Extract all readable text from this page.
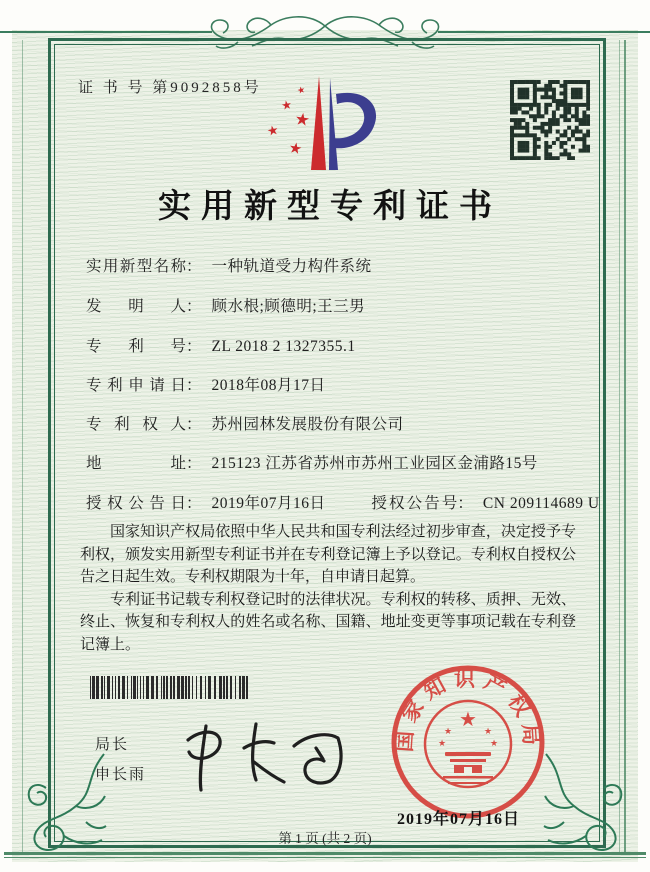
证 书 号 第9092858号	★
★
★
★
★
实用新型专利证书
实用新型名称： 一种轨道受力构件系统
发明人： 顾水根;顾德明;王三男
专利号： ZL 2018 2 1327355.1
专利申请日： 2018年08月17日
专利权人： 苏州园林发展股份有限公司
地址： 215123 江苏省苏州市苏州工业园区金浦路15号
授权公告日： 2019年07月16日	授权公告号： CN 209114689 U

国家知识产权局依照中华人民共和国专利法经过初步审查，决定授予专利权，颁发实用新型专利证书并在专利登记簿上予以登记。专利权自授权公告之日起生效。专利权期限为十年，自申请日起算。

专利证书记载专利权登记时的法律状况。专利权的转移、质押、无效、终止、恢复和专利权人的姓名或名称、国籍、地址变更等事项记载在专利登记簿上。

局长
申长雨
国家知识产权局
★
★	★
★	★
2019年07月16日
第 1 页 (共 2 页)
